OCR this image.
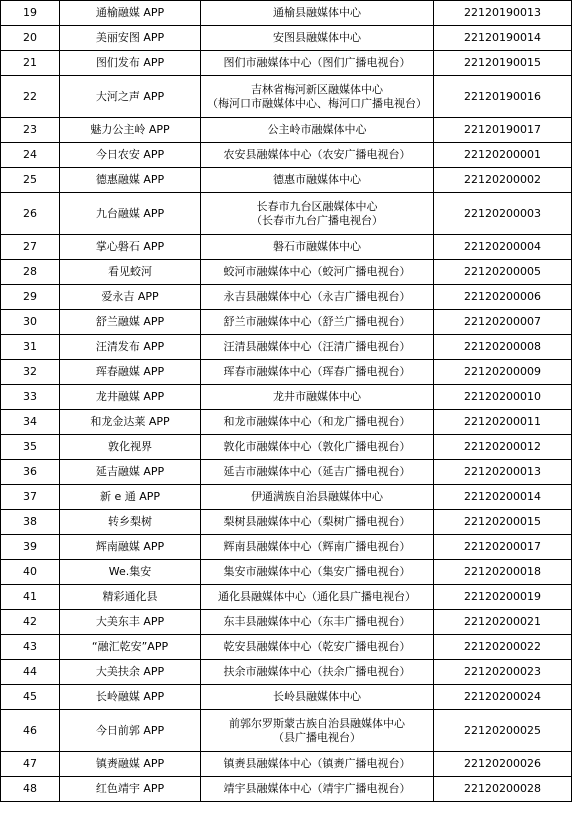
19	通榆融媒 APP	通榆县融媒体中心	22120190013
20	美丽安图 APP	安图县融媒体中心	22120190014
21	图们发布 APP	图们市融媒体中心（图们广播电视台）	22120190015
22	大河之声 APP	吉林省梅河新区融媒体中心
（梅河口市融媒体中心、梅河口广播电视台）	22120190016
23	魅力公主岭 APP	公主岭市融媒体中心	22120190017
24	今日农安 APP	农安县融媒体中心（农安广播电视台）	22120200001
25	德惠融媒 APP	德惠市融媒体中心	22120200002
26	九台融媒 APP	长春市九台区融媒体中心
（长春市九台广播电视台）	22120200003
27	掌心磐石 APP	磐石市融媒体中心	22120200004
28	看见蛟河	蛟河市融媒体中心（蛟河广播电视台）	22120200005
29	爱永吉 APP	永吉县融媒体中心（永吉广播电视台）	22120200006
30	舒兰融媒 APP	舒兰市融媒体中心（舒兰广播电视台）	22120200007
31	汪清发布 APP	汪清县融媒体中心（汪清广播电视台）	22120200008
32	珲春融媒 APP	珲春市融媒体中心（珲春广播电视台）	22120200009
33	龙井融媒 APP	龙井市融媒体中心	22120200010
34	和龙金达莱 APP	和龙市融媒体中心（和龙广播电视台）	22120200011
35	敦化视界	敦化市融媒体中心（敦化广播电视台）	22120200012
36	延吉融媒 APP	延吉市融媒体中心（延吉广播电视台）	22120200013
37	新 e 通 APP	伊通满族自治县融媒体中心	22120200014
38	转乡梨树	梨树县融媒体中心（梨树广播电视台）	22120200015
39	辉南融媒 APP	辉南县融媒体中心（辉南广播电视台）	22120200017
40	We.集安	集安市融媒体中心（集安广播电视台）	22120200018
41	精彩通化县	通化县融媒体中心（通化县广播电视台）	22120200019
42	大美东丰 APP	东丰县融媒体中心（东丰广播电视台）	22120200021
43	“融汇乾安”APP	乾安县融媒体中心（乾安广播电视台）	22120200022
44	大美扶余 APP	扶余市融媒体中心（扶余广播电视台）	22120200023
45	长岭融媒 APP	长岭县融媒体中心	22120200024
46	今日前郭 APP	前郭尔罗斯蒙古族自治县融媒体中心
（县广播电视台）	22120200025
47	镇赉融媒 APP	镇赉县融媒体中心（镇赉广播电视台）	22120200026
48	红色靖宇 APP	靖宇县融媒体中心（靖宇广播电视台）	22120200028
